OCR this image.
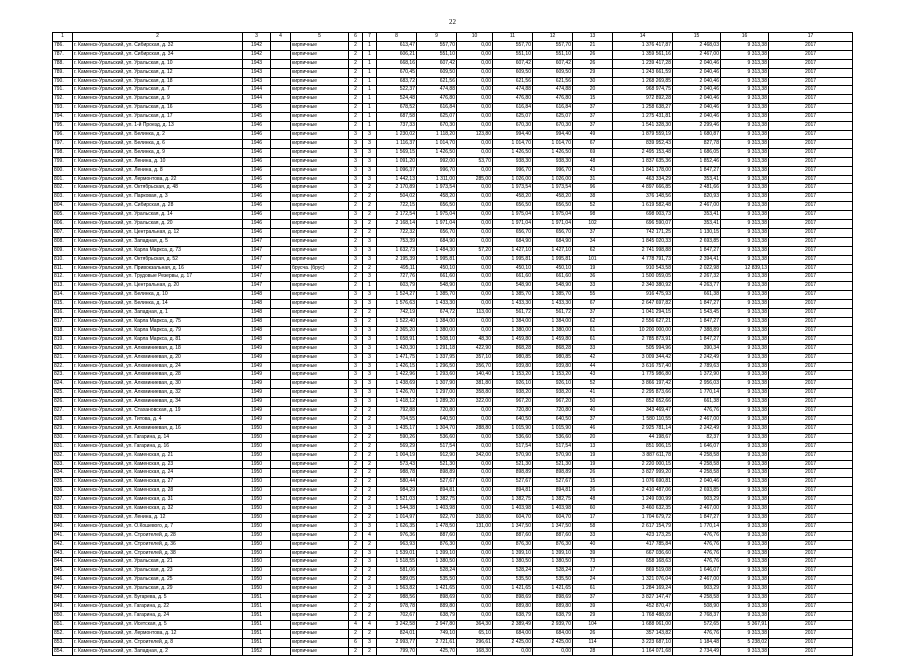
22
1	2	3	4	5	6	7	8	9	10	11	12	13	14	15	16	17
786.	г. Каменск-Уральский, ул. Сибирская, д. 32	1942		кирпичные	2	1	613,47	557,70	0,00	557,70	557,70	21	1 376 417,87	2 468,03	9 313,38	2017
787.	г. Каменск-Уральский, ул. Сибирская, д. 34	1942		кирпичные	2	1	606,21	551,10	0,00	551,10	551,10	26	1 359 561,16	2 467,00	9 313,38	2017
788.	г. Каменск-Уральский, ул. Уральская, д. 10	1943		кирпичные	2	1	668,16	607,42	0,00	607,42	607,42	26	1 239 417,28	2 040,46	9 313,38	2017
789.	г. Каменск-Уральский, ул. Уральская, д. 12	1943		кирпичные	2	1	670,45	609,50	0,00	609,50	609,50	29	1 243 661,59	2 040,46	9 313,38	2017
790.	г. Каменск-Уральский, ул. Уральская, д. 18	1943		кирпичные	2	1	683,72	621,56	0,00	621,56	621,56	30	1 268 269,85	2 040,46	9 313,38	2017
791.	г. Каменск-Уральский, ул. Уральская, д. 7	1944		кирпичные	2	1	522,37	474,88	0,00	474,88	474,88	20	968 974,75	2 040,46	9 313,38	2017
792.	г. Каменск-Уральский, ул. Уральская, д. 9	1944		кирпичные	2	1	524,48	476,80	0,00	476,80	476,80	15	972 892,28	2 040,46	9 313,38	2017
793.	г. Каменск-Уральский, ул. Уральская, д. 16	1945		кирпичные	2	1	678,52	616,84	0,00	616,84	616,84	37	1 258 638,27	2 040,46	9 313,38	2017
794.	г. Каменск-Уральский, ул. Уральская, д. 17	1945		кирпичные	2	1	687,58	625,07	0,00	625,07	625,07	37	1 275 431,81	2 040,46	9 313,38	2017
795.	г. Каменск-Уральский, ул. 1-й Проезд, д. 13	1946		кирпичные	2	1	737,33	670,30	0,00	670,30	670,30	37	1 541 328,30	2 299,46	9 313,38	2017
796.	г. Каменск-Уральский, ул. Белинка, д. 2	1946		кирпичные	3	3	1 230,02	1 118,20	123,80	994,40	994,40	49	1 879 559,19	1 680,87	9 313,38	2017
797.	г. Каменск-Уральский, ул. Белинка, д. 6	1946		кирпичные	3	3	1 116,37	1 014,70	0,00	1 014,70	1 014,70	67	839 952,43	827,78	9 313,38	2017
798.	г. Каменск-Уральский, ул. Белинка, д. 9	1946		кирпичные	3	3	1 569,15	1 426,50	0,00	1 426,50	1 426,50	69	2 495 153,48	1 686,05	9 313,38	2017
799.	г. Каменск-Уральский, ул. Ленина, д. 10	1946		кирпичные	3	3	1 091,20	992,00	53,70	938,30	938,30	48	1 837 635,36	1 852,46	9 313,38	2017
800.	г. Каменск-Уральский, ул. Ленина, д. 8	1946		кирпичные	3	3	1 096,37	996,70	0,00	996,70	996,70	43	1 841 178,00	1 847,27	9 313,38	2017
801.	г. Каменск-Уральский, ул. Лермонтова, д. 22	1946		кирпичные	3	3	1 442,13	1 311,00	285,00	1 026,00	1 026,00	31	463 334,29	353,41	9 313,38	2017
802.	г. Каменск-Уральский, ул. Октябрьская, д. 48	1946		кирпичные	3	2	2 170,89	1 973,54	0,00	1 973,54	1 973,54	96	4 897 666,85	2 481,66	9 313,38	2017
803.	г. Каменск-Уральский, ул. Парковая, д. 3	1946		кирпичные	2	2	504,02	458,20	0,00	458,20	458,20	38	376 148,56	820,93	9 313,38	2017
804.	г. Каменск-Уральский, ул. Сибирская, д. 28	1946		кирпичные	2	2	722,15	656,50	0,00	656,50	656,50	52	1 619 582,48	2 467,00	9 313,38	2017
805.	г. Каменск-Уральский, ул. Уральская, д. 14	1946		кирпичные	3	2	2 172,54	1 975,04	0,00	1 975,04	1 975,04	98	698 003,73	353,41	9 313,38	2017
806.	г. Каменск-Уральский, ул. Уральская, д. 20	1946		кирпичные	3	2	2 168,14	1 971,04	0,00	1 971,04	1 971,04	102	696 590,07	353,41	9 313,38	2017
807.	г. Каменск-Уральский, ул. Центральная, д. 12	1946		кирпичные	2	2	722,32	656,70	0,00	656,70	656,70	37	742 171,25	1 130,15	9 313,38	2017
808.	г. Каменск-Уральский, ул. Западная, д. 5	1947		кирпичные	2	3	753,39	684,90	0,00	684,90	684,90	34	1 845 020,33	2 693,85	9 313,38	2017
809.	г. Каменск-Уральский, ул. Карла Маркса, д. 73	1947		кирпичные	3	3	1 632,73	1 484,30	57,20	1 427,10	1 427,10	62	2 741 998,88	1 847,27	9 313,38	2017
810.	г. Каменск-Уральский, ул. Октябрьская, д. 52	1947		кирпичные	3	3	2 195,39	1 995,81	0,00	1 995,81	1 995,81	101	4 778 791,73	2 394,41	9 313,38	2017
811.	г. Каменск-Уральский, ул. Привокзальная, д. 16	1947		брусча. (брус)	2	2	495,11	450,10	0,00	450,10	450,10	19	910 543,58	2 022,98	12 839,13	2017
812.	г. Каменск-Уральский, ул. Трудовые Резервы, д. 17	1947		кирпичные	2	3	727,76	661,60	0,00	661,60	661,60	36	1 500 059,05	2 267,32	9 313,38	2017
813.	г. Каменск-Уральский, ул. Центральная, д. 20	1947		кирпичные	2	1	603,79	548,90	0,00	548,90	548,90	33	2 340 380,92	4 263,77	9 313,38	2017
814.	г. Каменск-Уральский, ул. Белинка, д. 10	1948		кирпичные	3	3	1 524,27	1 385,70	0,00	1 385,70	1 385,70	55	916 475,93	661,38	9 313,38	2017
815.	г. Каменск-Уральский, ул. Белинка, д. 14	1948		кирпичные	3	3	1 576,63	1 433,30	0,00	1 433,30	1 433,30	67	2 647 697,82	1 847,27	9 313,38	2017
816.	г. Каменск-Уральский, ул. Западная, д. 1	1948		кирпичные	2	2	742,19	674,72	113,00	561,72	561,72	37	1 041 294,15	1 543,45	9 313,38	2017
817.	г. Каменск-Уральский, ул. Карла Маркса, д. 75	1948		кирпичные	3	2	1 522,40	1 384,00	0,00	1 384,00	1 384,00	62	2 556 627,21	1 847,27	9 313,38	2017
818.	г. Каменск-Уральский, ул. Карла Маркса, д. 79	1948		кирпичные	3	3	2 365,20	1 380,00	0,00	1 380,00	1 380,00	61	10 200 000,00	7 388,89	9 313,38	2017
819.	г. Каменск-Уральский, ул. Карла Маркса, д. 81	1948		кирпичные	3	3	1 658,91	1 508,10	48,30	1 459,80	1 459,80	61	2 785 873,91	1 847,27	9 313,38	2017
820.	г. Каменск-Уральский, ул. Алюминиевая, д. 18	1949		кирпичные	3	3	1 420,30	1 291,18	422,90	868,28	868,28	33	505 994,96	390,34	9 313,38	2017
821.	г. Каменск-Уральский, ул. Алюминиевая, д. 20	1949		кирпичные	3	3	1 471,75	1 337,95	357,10	980,85	980,85	42	3 009 344,42	2 242,49	9 313,38	2017
822.	г. Каменск-Уральский, ул. Алюминиевая, д. 24	1949		кирпичные	3	3	1 426,15	1 296,50	356,70	939,80	939,80	44	3 616 757,40	2 789,63	9 313,38	2017
823.	г. Каменск-Уральский, ул. Алюминиевая, д. 28	1949		кирпичные	3	3	1 422,96	1 293,60	140,40	1 153,20	1 153,20	43	1 775 986,80	1 372,90	9 313,38	2017
824.	г. Каменск-Уральский, ул. Алюминиевая, д. 30	1949		кирпичные	3	3	1 438,69	1 307,90	381,80	926,10	926,10	52	3 866 197,42	2 956,03	9 313,38	2017
825.	г. Каменск-Уральский, ул. Алюминиевая, д. 32	1949		кирпичные	3	3	1 426,70	1 297,00	358,80	938,20	938,20	41	2 295 873,66	1 770,14	9 313,38	2017
826.	г. Каменск-Уральский, ул. Алюминиевая, д. 34	1949		кирпичные	3	3	1 418,12	1 289,20	322,00	967,20	967,20	50	852 652,66	661,38	9 313,38	2017
827.	г. Каменск-Уральский, ул. Стахановская, д. 19	1949		кирпичные	2	2	792,88	720,80	0,00	720,80	720,80	40	343 469,47	476,76	9 313,38	2017
828.	г. Каменск-Уральский, ул. Титова, д. 4	1949		кирпичные	2	2	704,55	640,50	0,00	640,50	640,50	37	1 580 110,55	2 467,00	9 313,38	2017
829.	г. Каменск-Уральский, ул. Алюминиевая, д. 16	1950		кирпичные	3	3	1 435,17	1 304,70	288,80	1 015,90	1 015,90	46	2 925 781,14	2 242,49	9 313,38	2017
830.	г. Каменск-Уральский, ул. Гагарина, д. 14	1950		кирпичные	2	2	590,26	536,60	0,00	536,60	536,60	20	44 198,67	82,37	9 313,38	2017
831.	г. Каменск-Уральский, ул. Гагарина, д. 16	1950		кирпичные	2	2	569,29	517,54	0,00	517,54	517,54	13	851 906,15	1 646,07	9 313,38	2017
832.	г. Каменск-Уральский, ул. Каменская, д. 21	1950		кирпичные	2	2	1 004,19	912,90	342,00	570,90	570,90	19	3 887 611,78	4 258,58	9 313,38	2017
833.	г. Каменск-Уральский, ул. Каменская, д. 23	1950		кирпичные	2	2	573,43	521,30	0,00	521,30	521,30	19	2 220 000,15	4 258,58	9 313,38	2017
834.	г. Каменск-Уральский, ул. Каменская, д. 24	1950		кирпичные	2	2	988,78	898,89	0,00	898,89	898,89	26	3 827 999,20	4 258,58	9 313,38	2017
835.	г. Каменск-Уральский, ул. Каменская, д. 27	1950		кирпичные	2	2	580,44	527,67	0,00	527,67	527,67	15	1 076 690,81	2 040,46	9 313,38	2017
836.	г. Каменск-Уральский, ул. Каменская, д. 28	1950		кирпичные	2	2	984,29	894,81	0,00	894,81	894,81	26	2 410 487,06	2 693,85	9 313,38	2017
837.	г. Каменск-Уральский, ул. Каменская, д. 31	1950		кирпичные	2	2	1 521,03	1 382,75	0,00	1 382,75	1 382,75	48	1 249 030,99	903,29	9 313,38	2017
838.	г. Каменск-Уральский, ул. Каменская, д. 32	1950		кирпичные	2	3	1 544,38	1 403,98	0,00	1 403,98	1 403,98	60	3 460 632,35	2 467,00	9 313,38	2017
839.	г. Каменск-Уральский, ул. Ленина, д. 12	1950		кирпичные	2	2	1 014,97	922,70	318,00	604,70	604,70	17	1 704 679,72	1 847,27	9 313,38	2017
840.	г. Каменск-Уральский, ул. О.Кошевого, д. 7	1950		кирпичные	3	3	1 626,35	1 478,50	131,00	1 347,50	1 347,50	58	2 617 154,79	1 770,14	9 313,38	2017
841.	г. Каменск-Уральский, ул. Строителей, д. 28	1950		кирпичные	2	4	976,36	887,60	0,00	887,60	887,60	33	423 173,25	476,76	9 313,38	2017
842.	г. Каменск-Уральский, ул. Строителей, д. 36	1950		кирпичные	2	2	963,93	876,30	0,00	876,30	876,30	40	417 785,84	476,76	9 313,38	2017
843.	г. Каменск-Уральский, ул. Строителей, д. 38	1950		кирпичные	2	3	1 539,01	1 399,10	0,00	1 399,10	1 399,10	39	667 036,60	476,76	9 313,38	2017
844.	г. Каменск-Уральский, ул. Уральская, д. 21	1950		кирпичные	2	3	1 518,55	1 380,50	0,00	1 380,50	1 380,50	73	658 168,63	476,76	9 313,38	2017
845.	г. Каменск-Уральский, ул. Уральская, д. 23	1950		кирпичные	2	2	581,06	528,24	0,00	528,24	528,24	17	869 519,08	1 646,07	9 313,38	2017
846.	г. Каменск-Уральский, ул. Уральская, д. 25	1950		кирпичные	2	2	589,05	535,50	0,00	535,50	535,50	24	1 321 076,04	2 467,00	9 313,38	2017
847.	г. Каменск-Уральский, ул. Уральская, д. 29	1950		кирпичные	2	3	1 563,82	1 421,65	0,00	1 421,65	1 421,65	61	1 284 169,24	903,29	9 313,38	2017
848.	г. Каменск-Уральский, ул. Бугарева, д. 5	1951		кирпичные	2	2	988,56	898,69	0,00	898,69	898,69	37	3 827 147,47	4 258,58	9 313,38	2017
849.	г. Каменск-Уральский, ул. Гагарина, д. 22	1951		кирпичные	2	2	978,78	889,80	0,00	889,80	889,80	39	452 870,47	508,90	9 313,38	2017
850.	г. Каменск-Уральский, ул. Гагарина, д. 24	1951		кирпичные	2	2	702,67	638,79	0,00	638,79	638,79	29	1 768 488,09	2 768,37	9 313,38	2017
851.	г. Каменск-Уральский, ул. Исетская, д. 5	1951		кирпичные	4	4	3 242,58	2 947,80	364,30	2 389,49	2 939,70	104	1 688 061,00	572,65	5 367,91	2017
852.	г. Каменск-Уральский, ул. Лермонтова, д. 12	1951		кирпичные	2	2	824,01	749,10	65,10	684,00	684,00	26	357 143,82	476,76	9 313,38	2017
853.	г. Каменск-Уральский, ул. Строителей, д. 8	1951		кирпичные	6	3	2 993,77	2 721,61	296,61	2 425,00	2 425,00	114	3 223 687,10	1 184,48	5 238,02	2017
854.	г. Каменск-Уральский, ул. Западная, д. 2	1952		кирпичные	2	2	799,70	425,70	168,30	0,00	0,00	28	1 164 071,68	2 734,49	9 313,38	2017
